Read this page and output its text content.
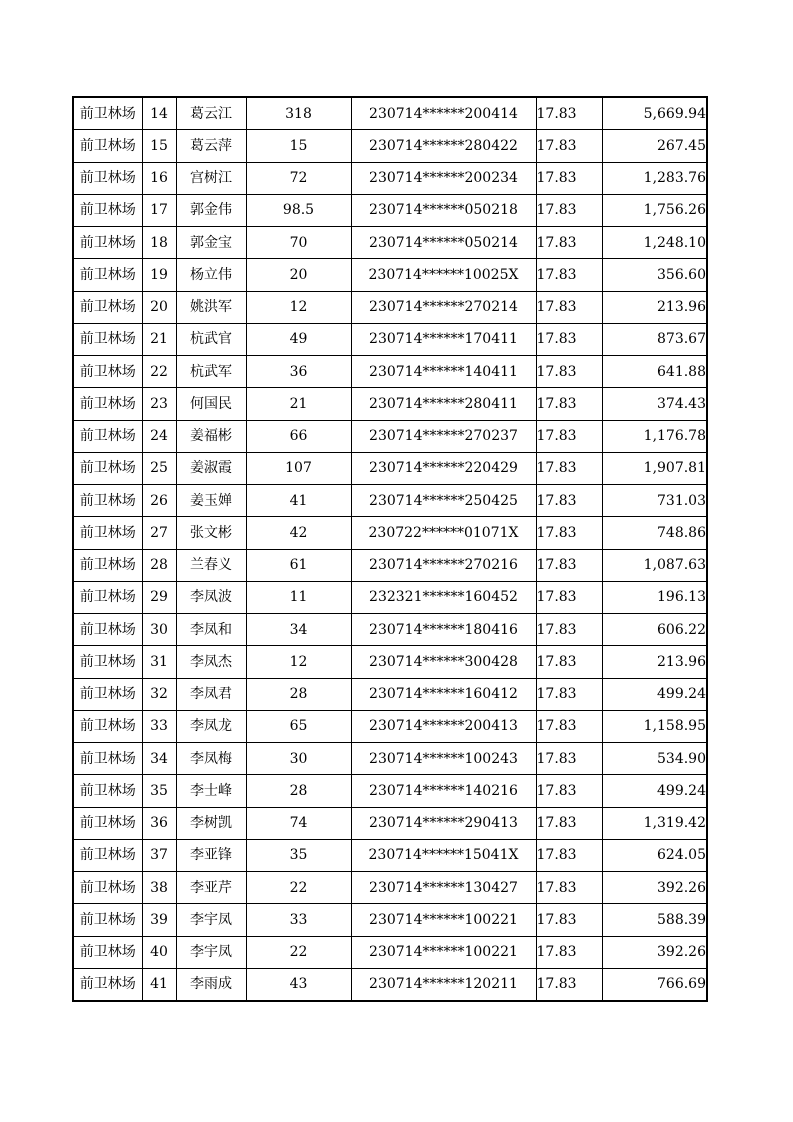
前卫林场	14	葛云江	318	230714******200414	17.83	5,669.94
前卫林场	15	葛云萍	15	230714******280422	17.83	267.45
前卫林场	16	宫树江	72	230714******200234	17.83	1,283.76
前卫林场	17	郭金伟	98.5	230714******050218	17.83	1,756.26
前卫林场	18	郭金宝	70	230714******050214	17.83	1,248.10
前卫林场	19	杨立伟	20	230714******10025X	17.83	356.60
前卫林场	20	姚洪军	12	230714******270214	17.83	213.96
前卫林场	21	杭武官	49	230714******170411	17.83	873.67
前卫林场	22	杭武军	36	230714******140411	17.83	641.88
前卫林场	23	何国民	21	230714******280411	17.83	374.43
前卫林场	24	姜福彬	66	230714******270237	17.83	1,176.78
前卫林场	25	姜淑霞	107	230714******220429	17.83	1,907.81
前卫林场	26	姜玉婵	41	230714******250425	17.83	731.03
前卫林场	27	张文彬	42	230722******01071X	17.83	748.86
前卫林场	28	兰春义	61	230714******270216	17.83	1,087.63
前卫林场	29	李凤波	11	232321******160452	17.83	196.13
前卫林场	30	李凤和	34	230714******180416	17.83	606.22
前卫林场	31	李凤杰	12	230714******300428	17.83	213.96
前卫林场	32	李凤君	28	230714******160412	17.83	499.24
前卫林场	33	李凤龙	65	230714******200413	17.83	1,158.95
前卫林场	34	李凤梅	30	230714******100243	17.83	534.90
前卫林场	35	李士峰	28	230714******140216	17.83	499.24
前卫林场	36	李树凯	74	230714******290413	17.83	1,319.42
前卫林场	37	李亚锋	35	230714******15041X	17.83	624.05
前卫林场	38	李亚芹	22	230714******130427	17.83	392.26
前卫林场	39	李宇凤	33	230714******100221	17.83	588.39
前卫林场	40	李宇凤	22	230714******100221	17.83	392.26
前卫林场	41	李雨成	43	230714******120211	17.83	766.69
